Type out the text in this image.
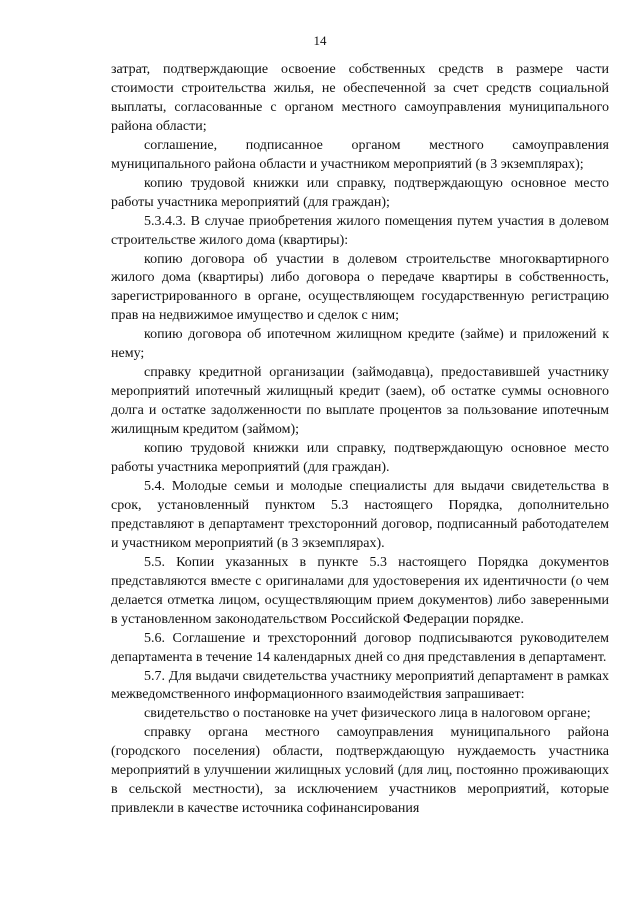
14

затрат, подтверждающие освоение собственных средств в размере части стоимости строительства жилья, не обеспеченной за счет средств социальной выплаты, согласованные с органом местного самоуправления муниципального района области;

соглашение, подписанное органом местного самоуправления муниципального района области и участником мероприятий (в 3 экземплярах);

копию трудовой книжки или справку, подтверждающую основное место работы участника мероприятий (для граждан);

5.3.4.3. В случае приобретения жилого помещения путем участия в долевом строительстве жилого дома (квартиры):

копию договора об участии в долевом строительстве многоквартирного жилого дома (квартиры) либо договора о передаче квартиры в собственность, зарегистрированного в органе, осуществляющем государственную регистрацию прав на недвижимое имущество и сделок с ним;

копию договора об ипотечном жилищном кредите (займе) и приложений к нему;

справку кредитной организации (займодавца), предоставившей участнику мероприятий ипотечный жилищный кредит (заем), об остатке суммы основного долга и остатке задолженности по выплате процентов за пользование ипотечным жилищным кредитом (займом);

копию трудовой книжки или справку, подтверждающую основное место работы участника мероприятий (для граждан).

5.4. Молодые семьи и молодые специалисты для выдачи свидетельства в срок, установленный пунктом 5.3 настоящего Порядка, дополнительно представляют в департамент трехсторонний договор, подписанный работодателем и участником мероприятий (в 3 экземплярах).

5.5. Копии указанных в пункте 5.3 настоящего Порядка документов представляются вместе с оригиналами для удостоверения их идентичности (о чем делается отметка лицом, осуществляющим прием документов) либо заверенными в установленном законодательством Российской Федерации порядке.

5.6. Соглашение и трехсторонний договор подписываются руководителем департамента в течение 14 календарных дней со дня представления в департамент.

5.7. Для выдачи свидетельства участнику мероприятий департамент в рамках межведомственного информационного взаимодействия запрашивает:

свидетельство о постановке на учет физического лица в налоговом органе;

справку органа местного самоуправления муниципального района (городского поселения) области, подтверждающую нуждаемость участника мероприятий в улучшении жилищных условий (для лиц, постоянно проживающих в сельской местности), за исключением участников мероприятий, которые привлекли в качестве источника софинансирования
